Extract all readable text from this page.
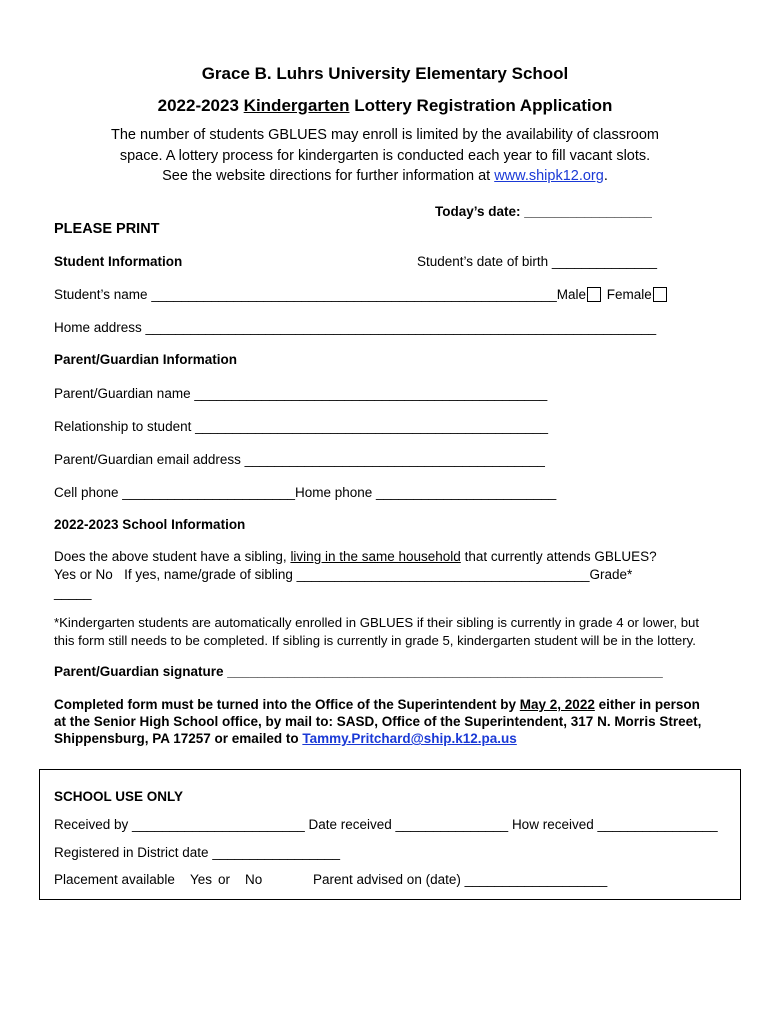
Grace B. Luhrs University Elementary School
2022-2023 Kindergarten Lottery Registration Application
The number of students GBLUES may enroll is limited by the availability of classroom
space. A lottery process for kindergarten is conducted each year to fill vacant slots.
See the website directions for further information at www.shipk12.org.
Today’s date: _________________
PLEASE PRINT
Student Information	Student’s date of birth ______________
Student’s name ______________________________________________________Male Female
Home address ____________________________________________________________________
Parent/Guardian Information
Parent/Guardian name _______________________________________________
Relationship to student _______________________________________________
Parent/Guardian email address ________________________________________
Cell phone _______________________Home phone ________________________
2022-2023 School Information
Does the above student have a sibling, living in the same household that currently attends GBLUES?
Yes or No If yes, name/grade of sibling _______________________________________Grade*
_____
*Kindergarten students are automatically enrolled in GBLUES if their sibling is currently in grade 4 or lower, but
this form still needs to be completed. If sibling is currently in grade 5, kindergarten student will be in the lottery.
Parent/Guardian signature __________________________________________________________
Completed form must be turned into the Office of the Superintendent by May 2, 2022 either in person
at the Senior High School office, by mail to: SASD, Office of the Superintendent, 317 N. Morris Street,
Shippensburg, PA 17257 or emailed to Tammy.Pritchard@ship.k12.pa.us
SCHOOL USE ONLY
Received by _______________________ Date received _______________ How received ________________
Registered in District date _________________
Placement available Yes or No	Parent advised on (date) ___________________
